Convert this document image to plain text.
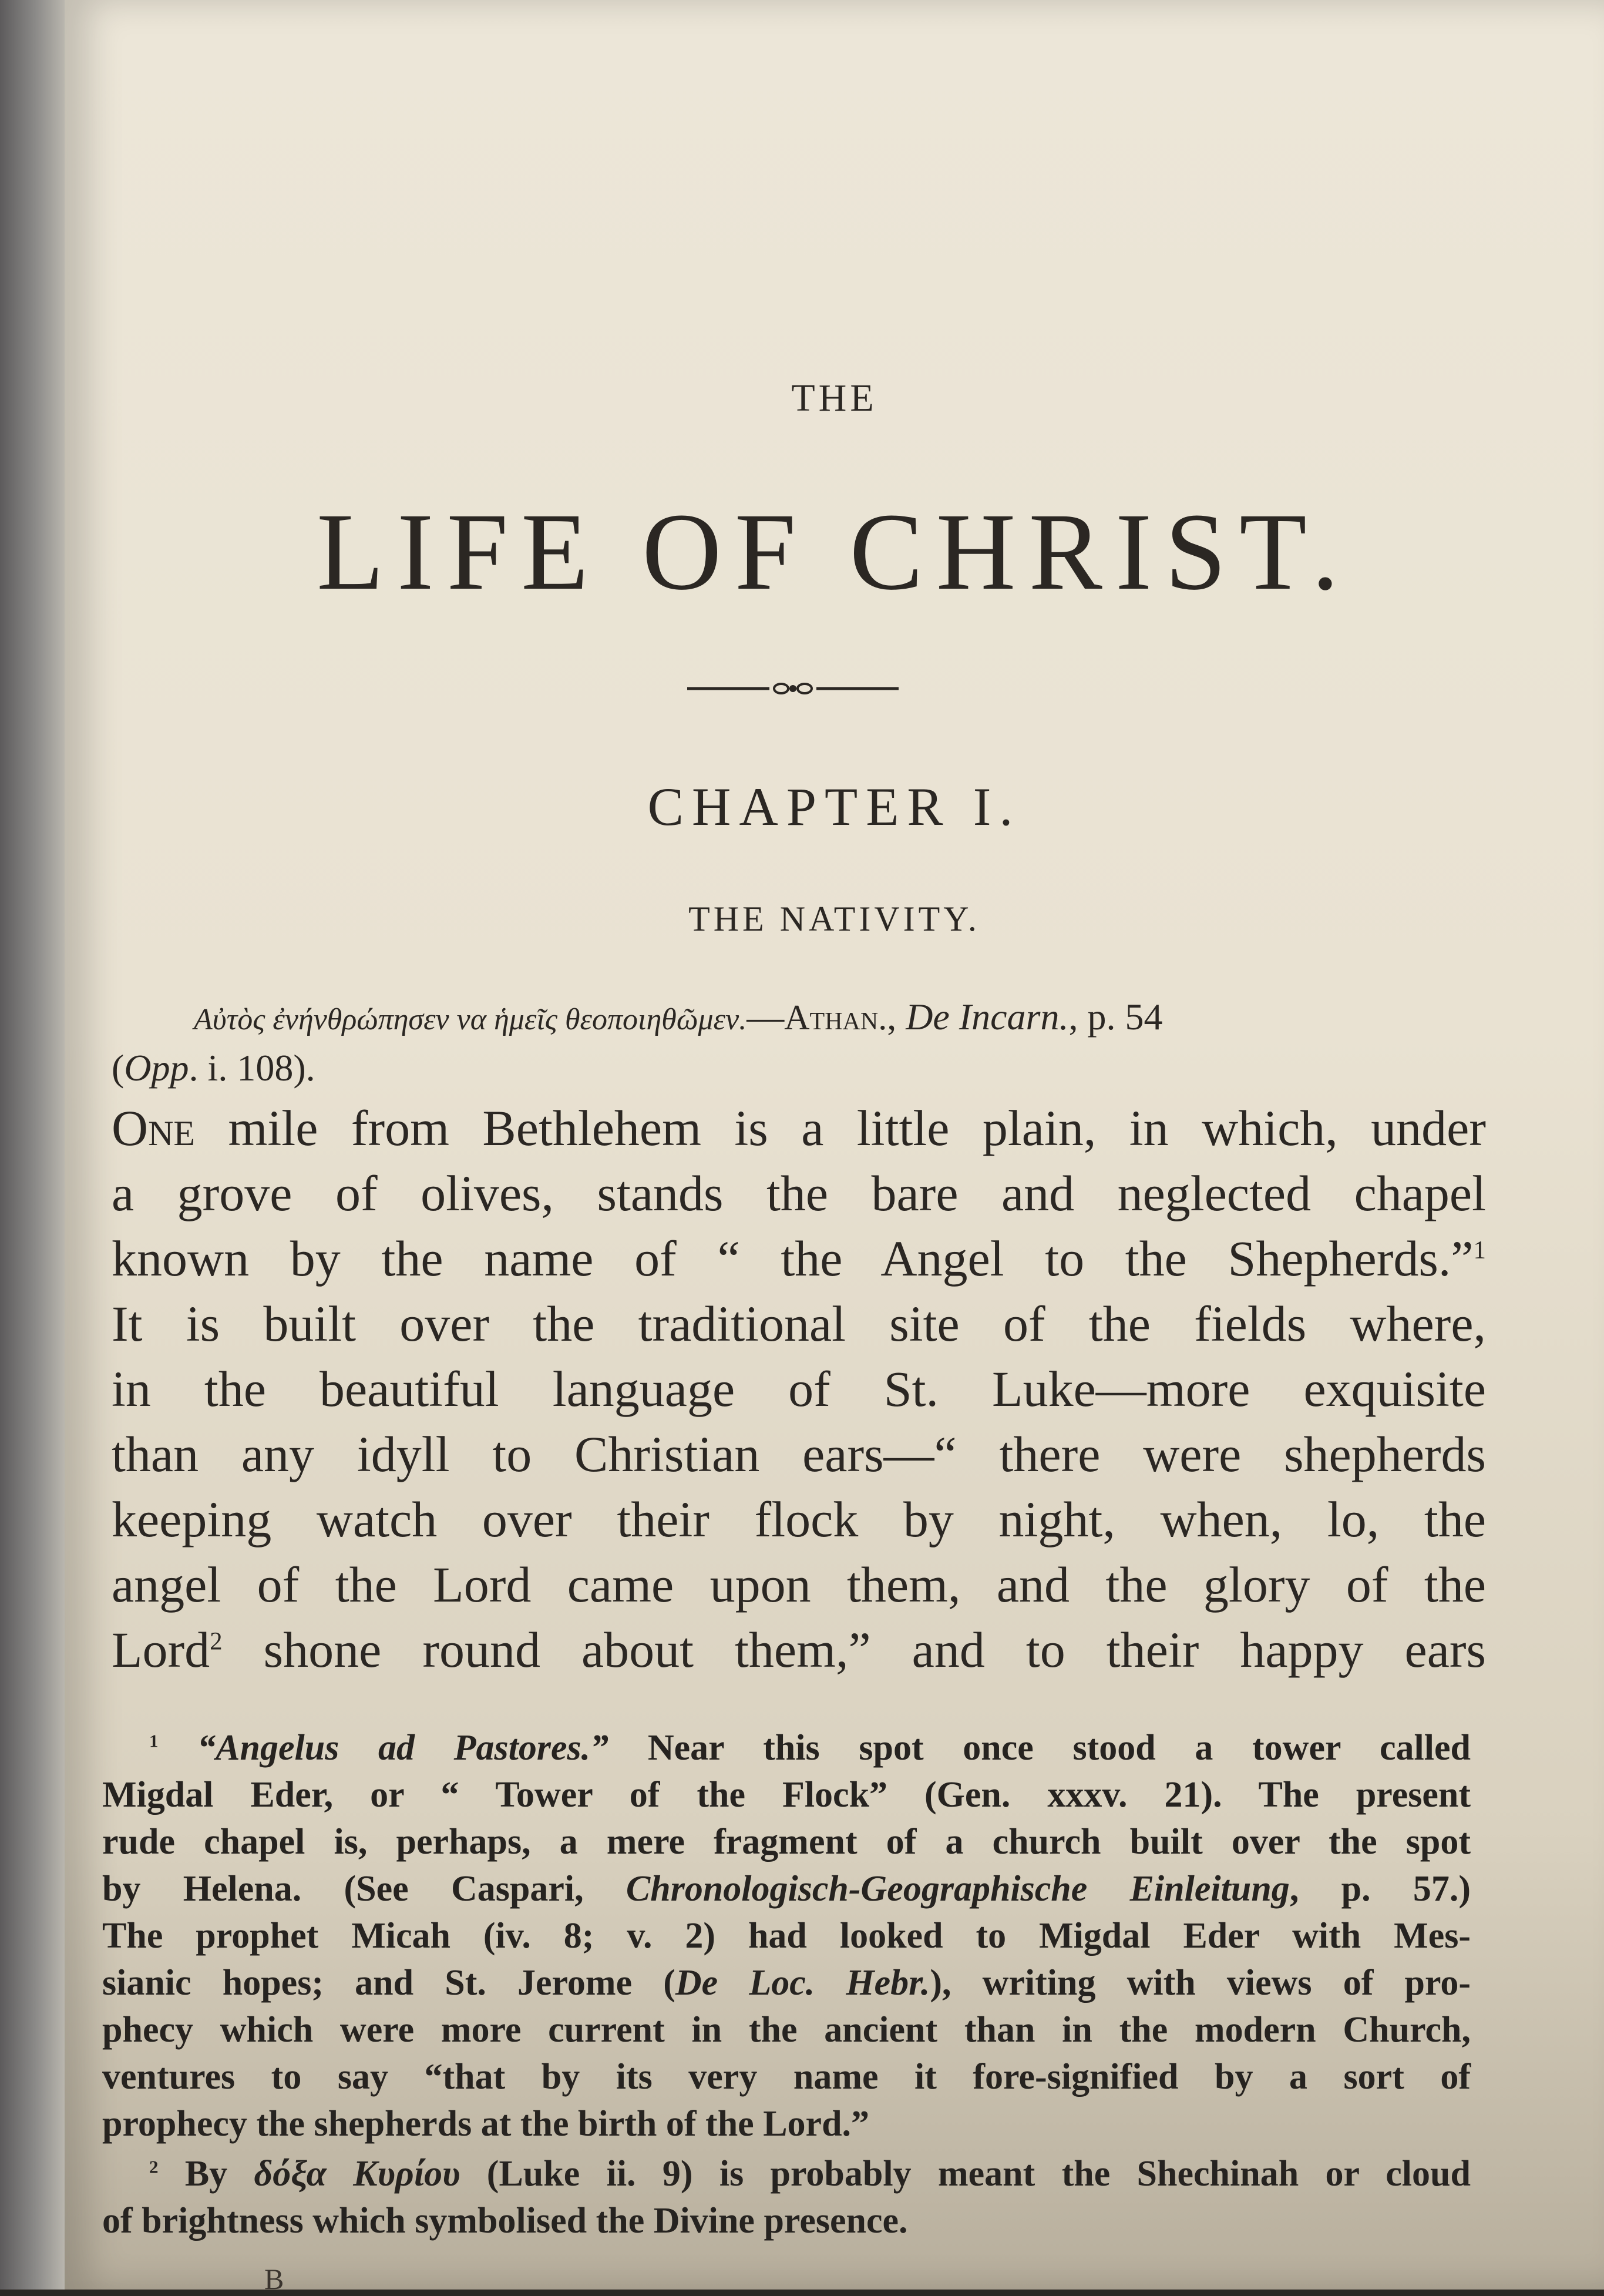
THE
LIFE OF CHRIST.
CHAPTER I.
THE NATIVITY.
Αὐτὸς ἐνήνθρώπησεν να ἡμεῖς θεοποιηθῶμεν.—Athan., De Incarn., p. 54
(Opp. i. 108).
One mile from Bethlehem is a little plain, in which, under
a grove of olives, stands the bare and neglected chapel
known by the name of “ the Angel to the Shepherds.”$^1$
It is built over the traditional site of the fields where,
in the beautiful language of St. Luke—more exquisite
than any idyll to Christian ears—“ there were shepherds
keeping watch over their flock by night, when, lo, the
angel of the Lord came upon them, and the glory of the
Lord$^2$ shone round about them,” and to their happy ears
$^1$ “Angelus ad Pastores.” Near this spot once stood a tower called
Migdal Eder, or “ Tower of the Flock” (Gen. xxxv. 21). The present
rude chapel is, perhaps, a mere fragment of a church built over the spot
by Helena. (See Caspari, Chronologisch-Geographische Einleitung, p. 57.)
The prophet Micah (iv. 8; v. 2) had looked to Migdal Eder with Mes-
sianic hopes; and St. Jerome (De Loc. Hebr.), writing with views of pro-
phecy which were more current in the ancient than in the modern Church,
ventures to say “that by its very name it fore-signified by a sort of
prophecy the shepherds at the birth of the Lord.”
$^2$ By δόξα Κυρίου (Luke ii. 9) is probably meant the Shechinah or cloud
of brightness which symbolised the Divine presence.
B
